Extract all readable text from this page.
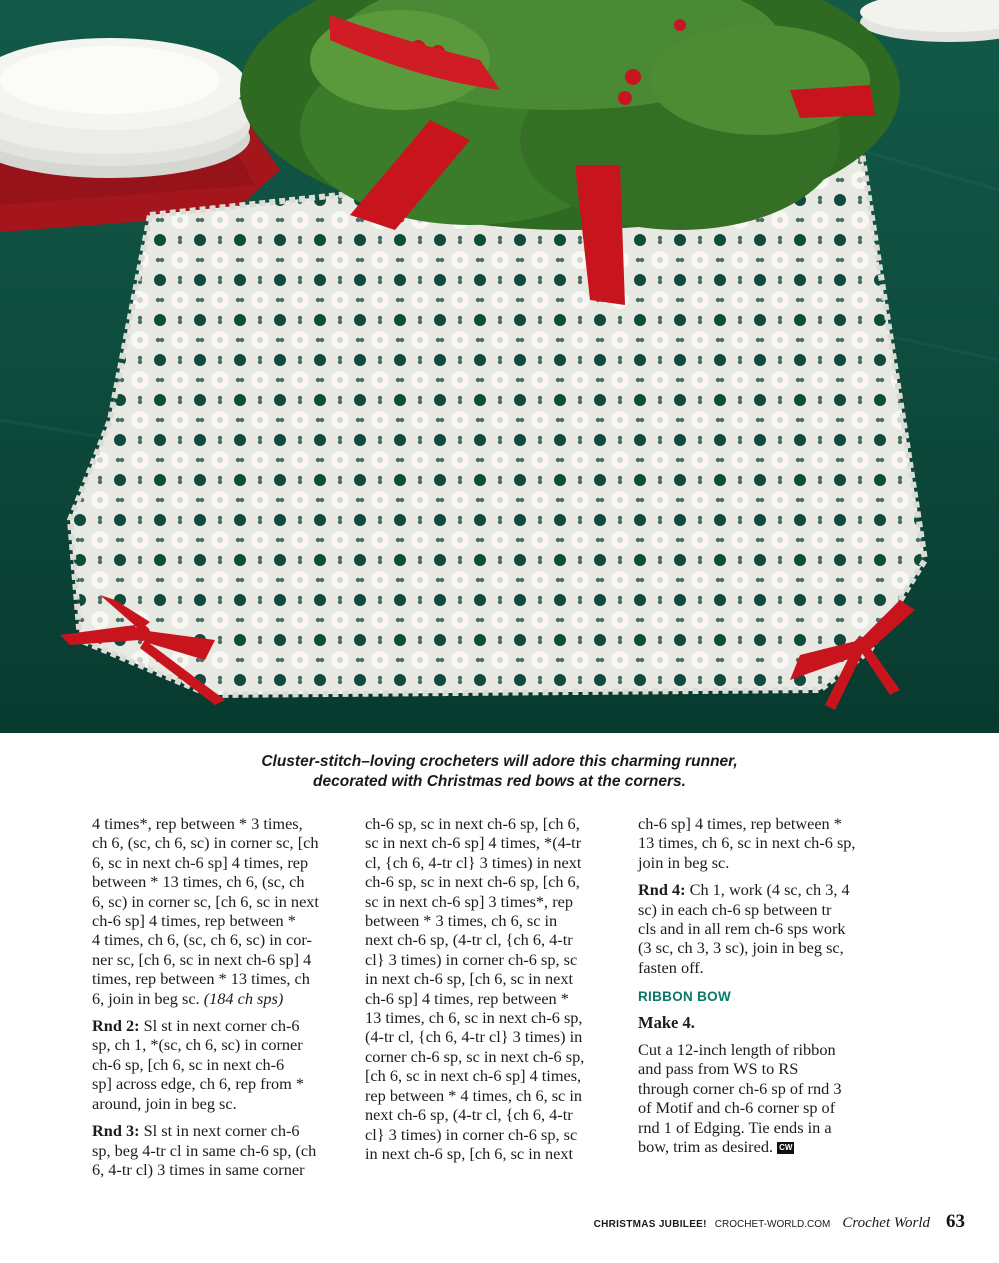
Cluster-stitch–loving crocheters will adore this charming runner,
decorated with Christmas red bows at the corners.

4 times*, rep between * 3 times,
ch 6, (sc, ch 6, sc) in corner sc, [ch
6, sc in next ch-6 sp] 4 times, rep
between * 13 times, ch 6, (sc, ch
6, sc) in corner sc, [ch 6, sc in next
ch-6 sp] 4 times, rep between *
4 times, ch 6, (sc, ch 6, sc) in cor-
ner sc, [ch 6, sc in next ch-6 sp] 4
times, rep between * 13 times, ch
6, join in beg sc. (184 ch sps)

Rnd 2: Sl st in next corner ch-6
sp, ch 1, *(sc, ch 6, sc) in corner
ch-6 sp, [ch 6, sc in next ch-6
sp] across edge, ch 6, rep from *
around, join in beg sc.

Rnd 3: Sl st in next corner ch-6
sp, beg 4-tr cl in same ch-6 sp, (ch
6, 4-tr cl) 3 times in same corner

ch-6 sp, sc in next ch-6 sp, [ch 6,
sc in next ch-6 sp] 4 times, *(4-tr
cl, {ch 6, 4-tr cl} 3 times) in next
ch-6 sp, sc in next ch-6 sp, [ch 6,
sc in next ch-6 sp] 3 times*, rep
between * 3 times, ch 6, sc in
next ch-6 sp, (4-tr cl, {ch 6, 4-tr
cl} 3 times) in corner ch-6 sp, sc
in next ch-6 sp, [ch 6, sc in next
ch-6 sp] 4 times, rep between *
13 times, ch 6, sc in next ch-6 sp,
(4-tr cl, {ch 6, 4-tr cl} 3 times) in
corner ch-6 sp, sc in next ch-6 sp,
[ch 6, sc in next ch-6 sp] 4 times,
rep between * 4 times, ch 6, sc in
next ch-6 sp, (4-tr cl, {ch 6, 4-tr
cl} 3 times) in corner ch-6 sp, sc
in next ch-6 sp, [ch 6, sc in next

ch-6 sp] 4 times, rep between *
13 times, ch 6, sc in next ch-6 sp,
join in beg sc.

Rnd 4: Ch 1, work (4 sc, ch 3, 4
sc) in each ch-6 sp between tr
cls and in all rem ch-6 sps work
(3 sc, ch 3, 3 sc), join in beg sc,
fasten off.

RIBBON BOW
Make 4.

Cut a 12-inch length of ribbon
and pass from WS to RS
through corner ch-6 sp of rnd 3
of Motif and ch-6 corner sp of
rnd 1 of Edging. Tie ends in a
bow, trim as desired. CW

CHRISTMAS JUBILEE! CROCHET-WORLD.COM Crochet World 63
